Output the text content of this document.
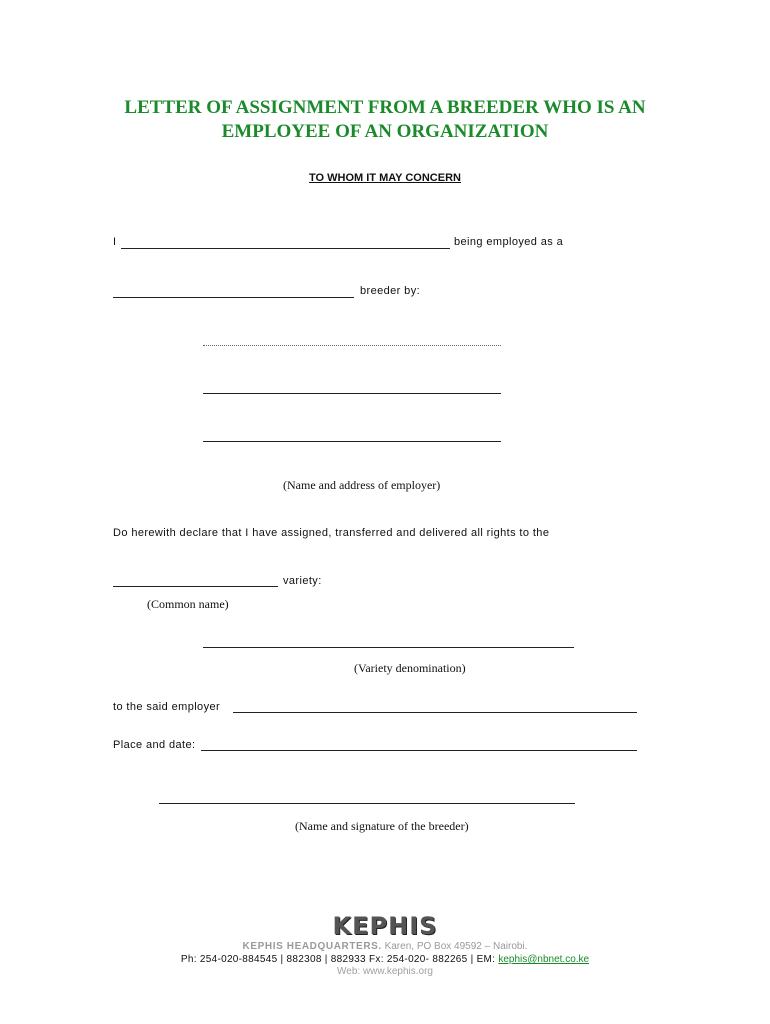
LETTER OF ASSIGNMENT FROM A BREEDER WHO IS AN
EMPLOYEE OF AN ORGANIZATION
TO WHOM IT MAY CONCERN
I	being employed as a
breeder by:
(Name and address of employer)
Do herewith declare that I have assigned, transferred and delivered all rights to the
variety:
(Common name)
(Variety denomination)
to the said employer
Place and date:
(Name and signature of the breeder)
KEPHIS
KEPHIS HEADQUARTERS. Karen, PO Box 49592 – Nairobi.
Ph: 254-020-884545 | 882308 | 882933 Fx: 254-020- 882265 | EM: kephis@nbnet.co.ke
Web: www.kephis.org
